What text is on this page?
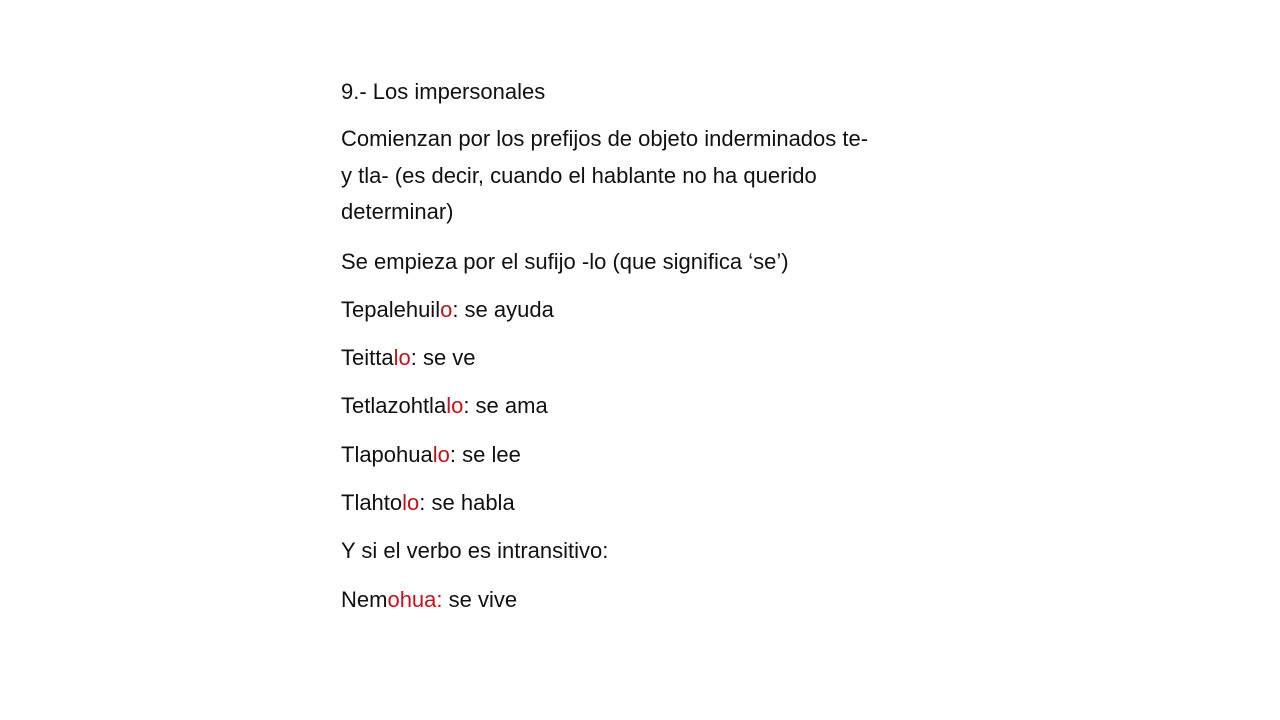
9.- Los impersonales
Comienzan por los prefijos de objeto inderminados te-
y tla- (es decir, cuando el hablante no ha querido
determinar)
Se empieza por el sufijo -lo (que significa ‘se’)
Tepalehuilo: se ayuda
Teittalo: se ve
Tetlazohtlalo: se ama
Tlapohualo: se lee
Tlahtolo: se habla
Y si el verbo es intransitivo:
Nemohua: se vive
